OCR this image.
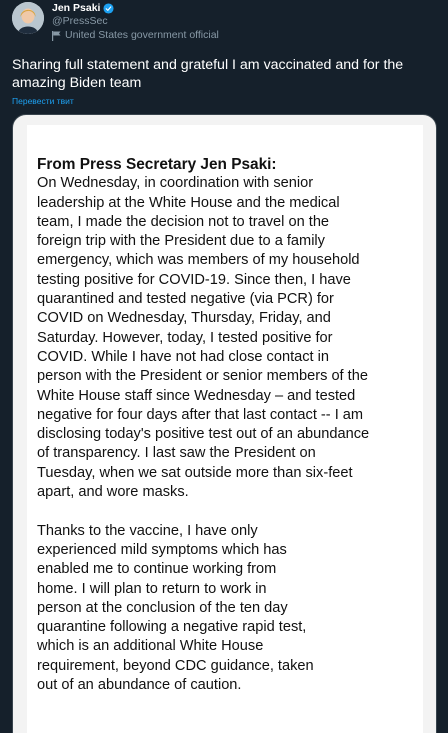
Jen Psaki
@PressSec
United States government official
Sharing full statement and grateful I am vaccinated and for the amazing Biden team
Перевести твит
From Press Secretary Jen Psaki:

On Wednesday, in coordination with senior
leadership at the White House and the medical
team, I made the decision not to travel on the
foreign trip with the President due to a family
emergency, which was members of my household
testing positive for COVID-19. Since then, I have
quarantined and tested negative (via PCR) for
COVID on Wednesday, Thursday, Friday, and
Saturday. However, today, I tested positive for
COVID. While I have not had close contact in
person with the President or senior members of the
White House staff since Wednesday – and tested
negative for four days after that last contact -- I am
disclosing today's positive test out of an abundance
of transparency. I last saw the President on
Tuesday, when we sat outside more than six-feet
apart, and wore masks.

Thanks to the vaccine, I have only
experienced mild symptoms which has
enabled me to continue working from
home. I will plan to return to work in
person at the conclusion of the ten day
quarantine following a negative rapid test,
which is an additional White House
requirement, beyond CDC guidance, taken
out of an abundance of caution.
